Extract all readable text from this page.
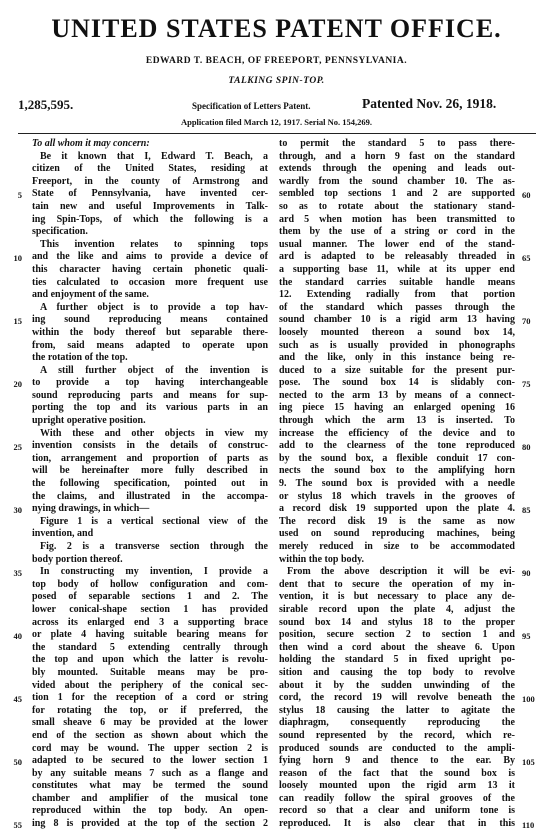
UNITED STATES PATENT OFFICE.
EDWARD T. BEACH, OF FREEPORT, PENNSYLVANIA.
TALKING SPIN-TOP.
1,285,595.	Specification of Letters Patent.	Patented Nov. 26, 1918.
Application filed March 12, 1917. Serial No. 154,269.
To all whom it may concern:
Be it known that I, Edward T. Beach, a
citizen of the United States, residing at
Freeport, in the county of Armstrong and
State of Pennsylvania, have invented cer-
tain new and useful Improvements in Talk-
ing Spin-Tops, of which the following is a
specification.
This invention relates to spinning tops
and the like and aims to provide a device of
this character having certain phonetic quali-
ties calculated to occasion more frequent use
and enjoyment of the same.
A further object is to provide a top hav-
ing sound reproducing means contained
within the body thereof but separable there-
from, said means adapted to operate upon
the rotation of the top.
A still further object of the invention is
to provide a top having interchangeable
sound reproducing parts and means for sup-
porting the top and its various parts in an
upright operative position.
With these and other objects in view my
invention consists in the details of construc-
tion, arrangement and proportion of parts as
will be hereinafter more fully described in
the following specification, pointed out in
the claims, and illustrated in the accompa-
nying drawings, in which—
Figure 1 is a vertical sectional view of the
invention, and
Fig. 2 is a transverse section through the
body portion thereof.
In constructing my invention, I provide a
top body of hollow configuration and com-
posed of separable sections 1 and 2. The
lower conical-shape section 1 has provided
across its enlarged end 3 a supporting brace
or plate 4 having suitable bearing means for
the standard 5 extending centrally through
the top and upon which the latter is revolu-
bly mounted. Suitable means may be pro-
vided about the periphery of the conical sec-
tion 1 for the reception of a cord or string
for rotating the top, or if preferred, the
small sheave 6 may be provided at the lower
end of the section as shown about which the
cord may be wound. The upper section 2 is
adapted to be secured to the lower section 1
by any suitable means 7 such as a flange and
constitutes what may be termed the sound
chamber and amplifier of the musical tone
reproduced within the top body. An open-
ing 8 is provided at the top of the section 2
to permit the standard 5 to pass there-
through, and a horn 9 fast on the standard
extends through the opening and leads out-
wardly from the sound chamber 10. The as-
sembled top sections 1 and 2 are supported
so as to rotate about the stationary stand-
ard 5 when motion has been transmitted to
them by the use of a string or cord in the
usual manner. The lower end of the stand-
ard is adapted to be releasably threaded in
a supporting base 11, while at its upper end
the standard carries suitable handle means
12. Extending radially from that portion
of the standard which passes through the
sound chamber 10 is a rigid arm 13 having
loosely mounted thereon a sound box 14,
such as is usually provided in phonographs
and the like, only in this instance being re-
duced to a size suitable for the present pur-
pose. The sound box 14 is slidably con-
nected to the arm 13 by means of a connect-
ing piece 15 having an enlarged opening 16
through which the arm 13 is inserted. To
increase the efficiency of the device and to
add to the clearness of the tone reproduced
by the sound box, a flexible conduit 17 con-
nects the sound box to the amplifying horn
9. The sound box is provided with a needle
or stylus 18 which travels in the grooves of
a record disk 19 supported upon the plate 4.
The record disk 19 is the same as now
used on sound reproducing machines, being
merely reduced in size to be accommodated
within the top body.
From the above description it will be evi-
dent that to secure the operation of my in-
vention, it is but necessary to place any de-
sirable record upon the plate 4, adjust the
sound box 14 and stylus 18 to the proper
position, secure section 2 to section 1 and
then wind a cord about the sheave 6. Upon
holding the standard 5 in fixed upright po-
sition and causing the top body to revolve
about it by the sudden unwinding of the
cord, the record 19 will revolve beneath the
stylus 18 causing the latter to agitate the
diaphragm, consequently reproducing the
sound represented by the record, which re-
produced sounds are conducted to the ampli-
fying horn 9 and thence to the ear. By
reason of the fact that the sound box is
loosely mounted upon the rigid arm 13 it
can readily follow the spiral grooves of the
record so that a clear and uniform tone is
reproduced. It is also clear that in this
5
10
15
20
25
30
35
40
45
50
55
60
65
70
75
80
85
90
95
100
105
110
